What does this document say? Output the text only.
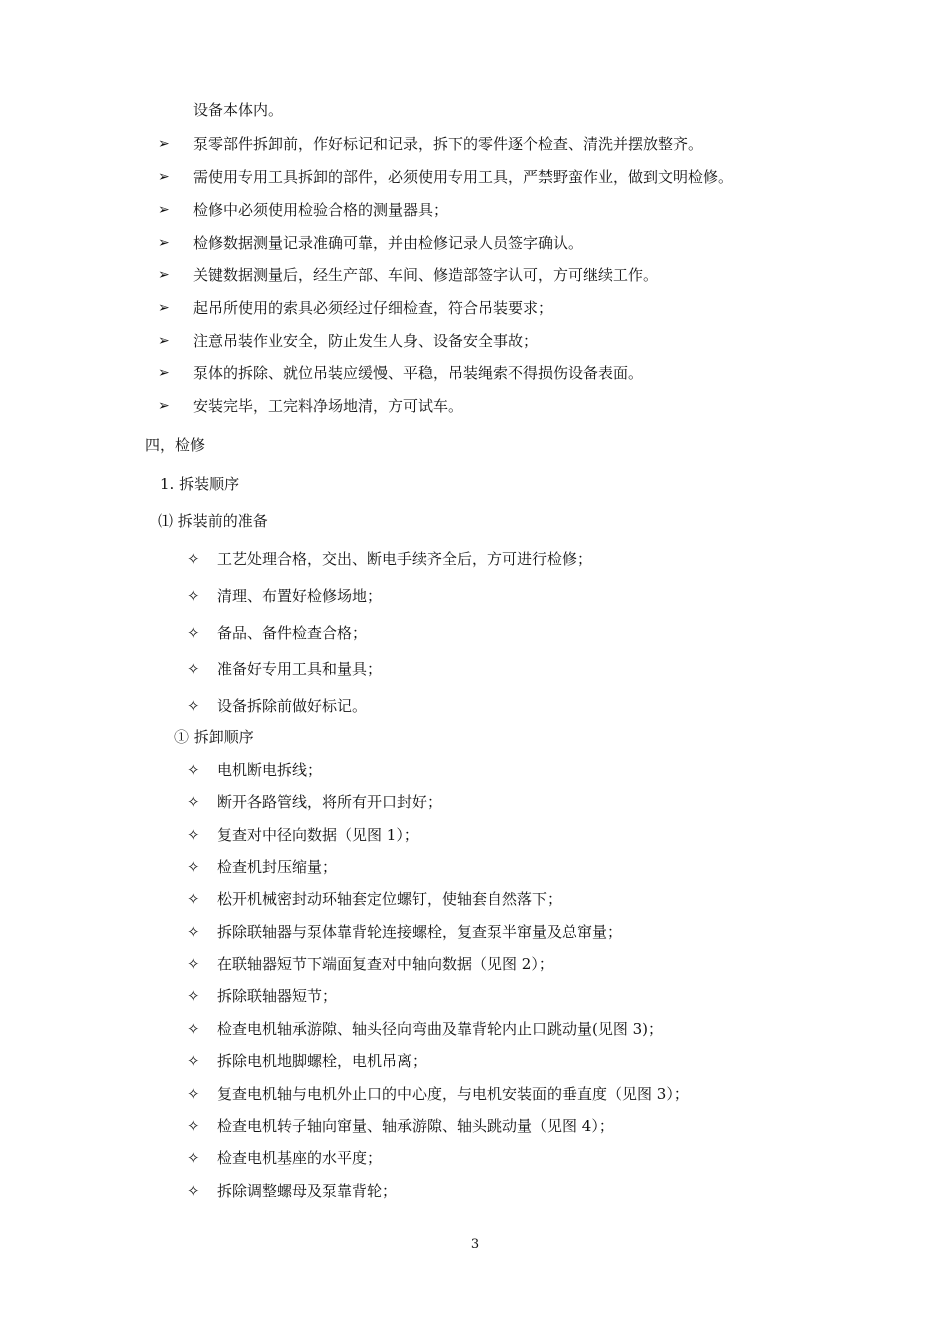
设备本体内。
➢ 泵零部件拆卸前，作好标记和记录，拆下的零件逐个检查、清洗并摆放整齐。
➢ 需使用专用工具拆卸的部件，必须使用专用工具，严禁野蛮作业，做到文明检修。
➢ 检修中必须使用检验合格的测量器具；
➢ 检修数据测量记录准确可靠，并由检修记录人员签字确认。
➢ 关键数据测量后，经生产部、车间、修造部签字认可，方可继续工作。
➢ 起吊所使用的索具必须经过仔细检查，符合吊装要求；
➢ 注意吊装作业安全，防止发生人身、设备安全事故；
➢ 泵体的拆除、就位吊装应缓慢、平稳，吊装绳索不得损伤设备表面。
➢ 安装完毕，工完料净场地清，方可试车。
四，检修
1. 拆装顺序
⑴ 拆装前的准备
✧ 工艺处理合格，交出、断电手续齐全后，方可进行检修；
✧ 清理、布置好检修场地；
✧ 备品、备件检查合格；
✧ 准备好专用工具和量具；
✧ 设备拆除前做好标记。
① 拆卸顺序
✧ 电机断电拆线；
✧ 断开各路管线，将所有开口封好；
✧ 复查对中径向数据（见图 1）；
✧ 检查机封压缩量；
✧ 松开机械密封动环轴套定位螺钉，使轴套自然落下；
✧ 拆除联轴器与泵体靠背轮连接螺栓，复查泵半窜量及总窜量；
✧ 在联轴器短节下端面复查对中轴向数据（见图 2）；
✧ 拆除联轴器短节；
✧ 检查电机轴承游隙、轴头径向弯曲及靠背轮内止口跳动量(见图 3)；
✧ 拆除电机地脚螺栓，电机吊离；
✧ 复查电机轴与电机外止口的中心度，与电机安装面的垂直度（见图 3）；
✧ 检查电机转子轴向窜量、轴承游隙、轴头跳动量（见图 4）；
✧ 检查电机基座的水平度；
✧ 拆除调整螺母及泵靠背轮；
3
